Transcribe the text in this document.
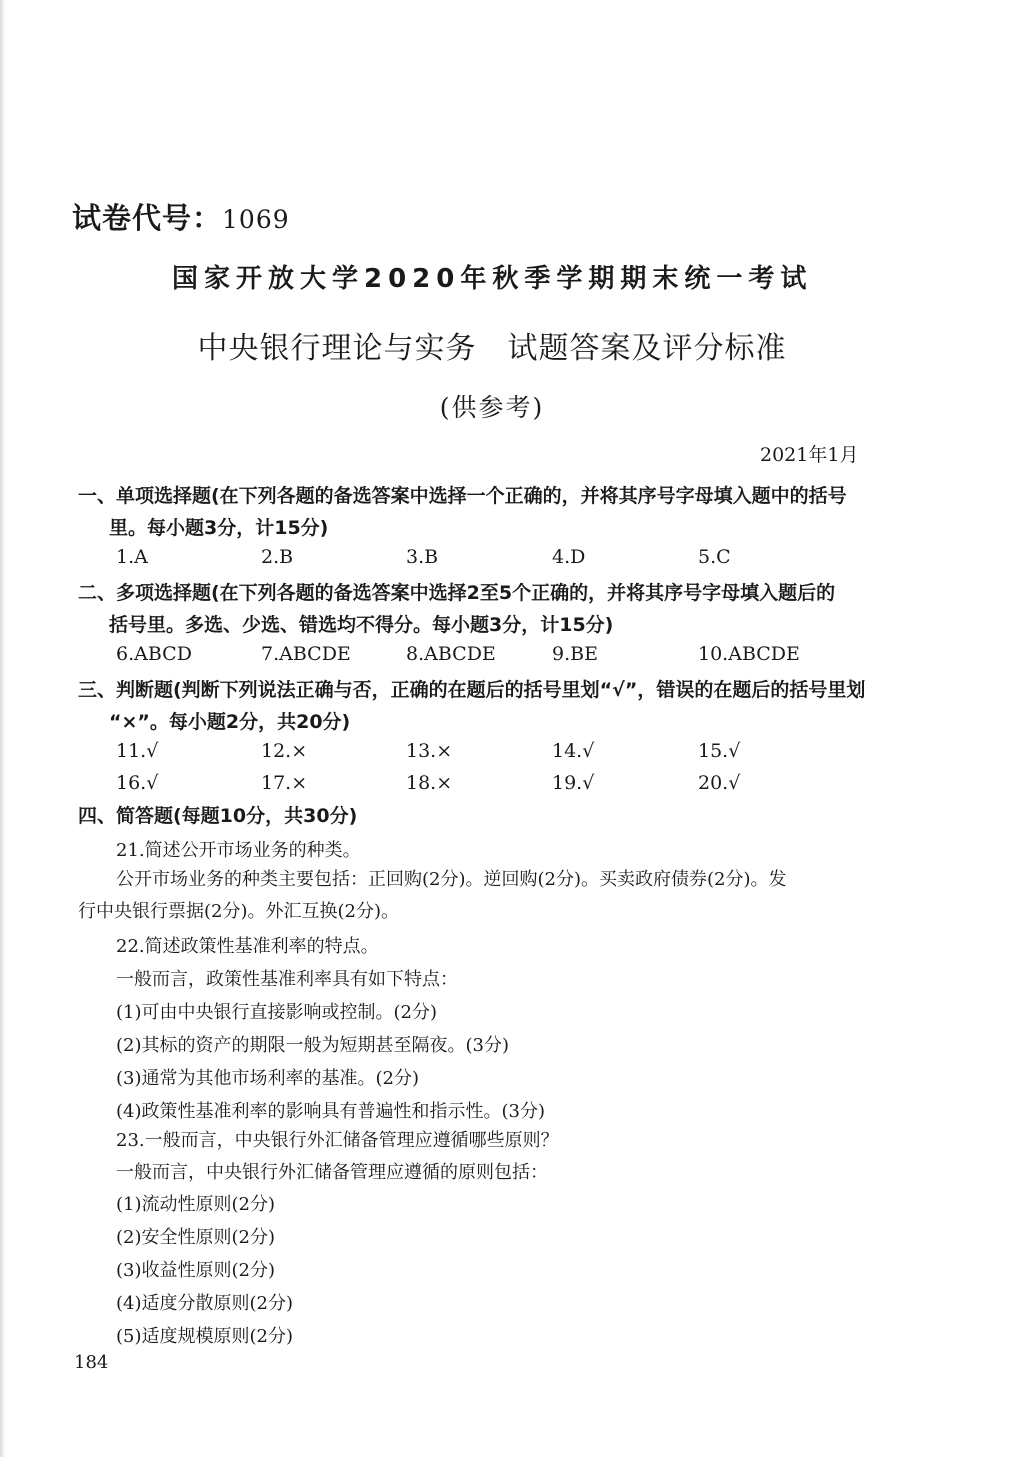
试卷代号：1069
国家开放大学2020年秋季学期期末统一考试
中央银行理论与实务　试题答案及评分标准
(供参考)
2021年1月
一、单项选择题(在下列各题的备选答案中选择一个正确的，并将其序号字母填入题中的括号
里。每小题3分，计15分)
1.A	2.B	3.B	4.D	5.C
二、多项选择题(在下列各题的备选答案中选择2至5个正确的，并将其序号字母填入题后的
括号里。多选、少选、错选均不得分。每小题3分，计15分)
6.ABCD	7.ABCDE	8.ABCDE	9.BE	10.ABCDE
三、判断题(判断下列说法正确与否，正确的在题后的括号里划“√”，错误的在题后的括号里划
“×”。每小题2分，共20分)
11.√	12.×	13.×	14.√	15.√
16.√	17.×	18.×	19.√	20.√
四、简答题(每题10分，共30分)
21.简述公开市场业务的种类。
公开市场业务的种类主要包括：正回购(2分)。逆回购(2分)。买卖政府债券(2分)。发
行中央银行票据(2分)。外汇互换(2分)。
22.简述政策性基准利率的特点。
一般而言，政策性基准利率具有如下特点：
(1)可由中央银行直接影响或控制。(2分)
(2)其标的资产的期限一般为短期甚至隔夜。(3分)
(3)通常为其他市场利率的基准。(2分)
(4)政策性基准利率的影响具有普遍性和指示性。(3分)
23.一般而言，中央银行外汇储备管理应遵循哪些原则？
一般而言，中央银行外汇储备管理应遵循的原则包括：
(1)流动性原则(2分)
(2)安全性原则(2分)
(3)收益性原则(2分)
(4)适度分散原则(2分)
(5)适度规模原则(2分)
184
